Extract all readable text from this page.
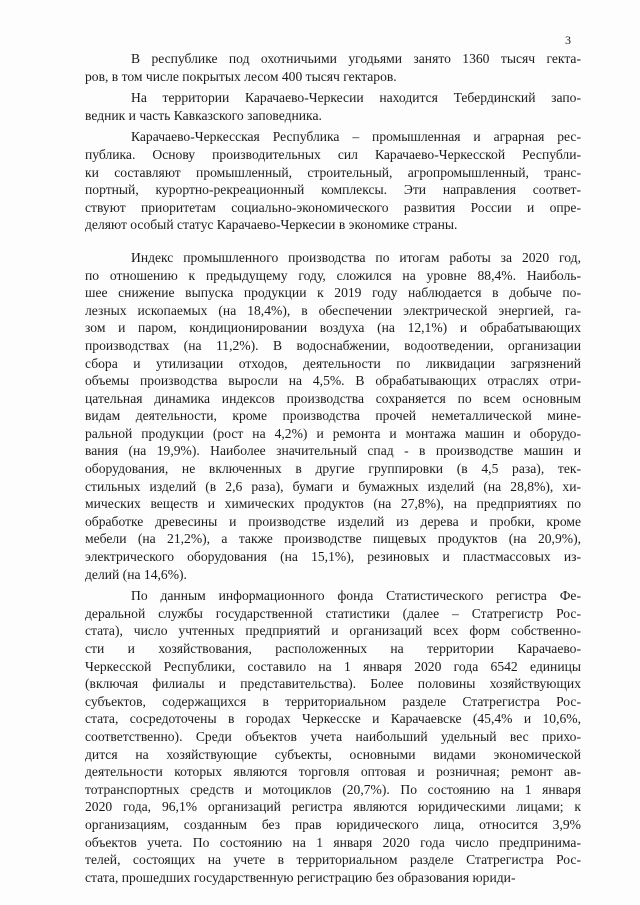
3
В республике под охотничьими угодьями занято 1360 тысяч гекта-
ров, в том числе покрытых лесом 400 тысяч гектаров.
На территории Карачаево-Черкесии находится Тебердинский запо-
ведник и часть Кавказского заповедника.
Карачаево-Черкесская Республика – промышленная и аграрная рес-
публика. Основу производительных сил Карачаево-Черкесской Республи-
ки составляют промышленный, строительный, агропромышленный, транс-
портный, курортно-рекреационный комплексы. Эти направления соответ-
ствуют приоритетам социально-экономического развития России и опре-
деляют особый статус Карачаево-Черкесии в экономике страны.
Индекс промышленного производства по итогам работы за 2020 год,
по отношению к предыдущему году, сложился на уровне 88,4%. Наиболь-
шее снижение выпуска продукции к 2019 году наблюдается в добыче по-
лезных ископаемых (на 18,4%), в обеспечении электрической энергией, га-
зом и паром, кондиционировании воздуха (на 12,1%) и обрабатывающих
производствах (на 11,2%). В водоснабжении, водоотведении, организации
сбора и утилизации отходов, деятельности по ликвидации загрязнений
объемы производства выросли на 4,5%. В обрабатывающих отраслях отри-
цательная динамика индексов производства сохраняется по всем основным
видам деятельности, кроме производства прочей неметаллической мине-
ральной продукции (рост на 4,2%) и ремонта и монтажа машин и оборудо-
вания (на 19,9%). Наиболее значительный спад - в производстве машин и
оборудования, не включенных в другие группировки (в 4,5 раза), тек-
стильных изделий (в 2,6 раза), бумаги и бумажных изделий (на 28,8%), хи-
мических веществ и химических продуктов (на 27,8%), на предприятиях по
обработке древесины и производстве изделий из дерева и пробки, кроме
мебели (на 21,2%), а также производстве пищевых продуктов (на 20,9%),
электрического оборудования (на 15,1%), резиновых и пластмассовых из-
делий (на 14,6%).
По данным информационного фонда Статистического регистра Фе-
деральной службы государственной статистики (далее – Статрегистр Рос-
стата), число учтенных предприятий и организаций всех форм собственно-
сти и хозяйствования, расположенных на территории Карачаево-
Черкесской Республики, составило на 1 января 2020 года 6542 единицы
(включая филиалы и представительства). Более половины хозяйствующих
субъектов, содержащихся в территориальном разделе Статрегистра Рос-
стата, сосредоточены в городах Черкесске и Карачаевске (45,4% и 10,6%,
соответственно). Среди объектов учета наибольший удельный вес прихо-
дится на хозяйствующие субъекты, основными видами экономической
деятельности которых являются торговля оптовая и розничная; ремонт ав-
тотранспортных средств и мотоциклов (20,7%). По состоянию на 1 января
2020 года, 96,1% организаций регистра являются юридическими лицами; к
организациям, созданным без прав юридического лица, относится 3,9%
объектов учета. По состоянию на 1 января 2020 года число предпринима-
телей, состоящих на учете в территориальном разделе Статрегистра Рос-
стата, прошедших государственную регистрацию без образования юриди-
